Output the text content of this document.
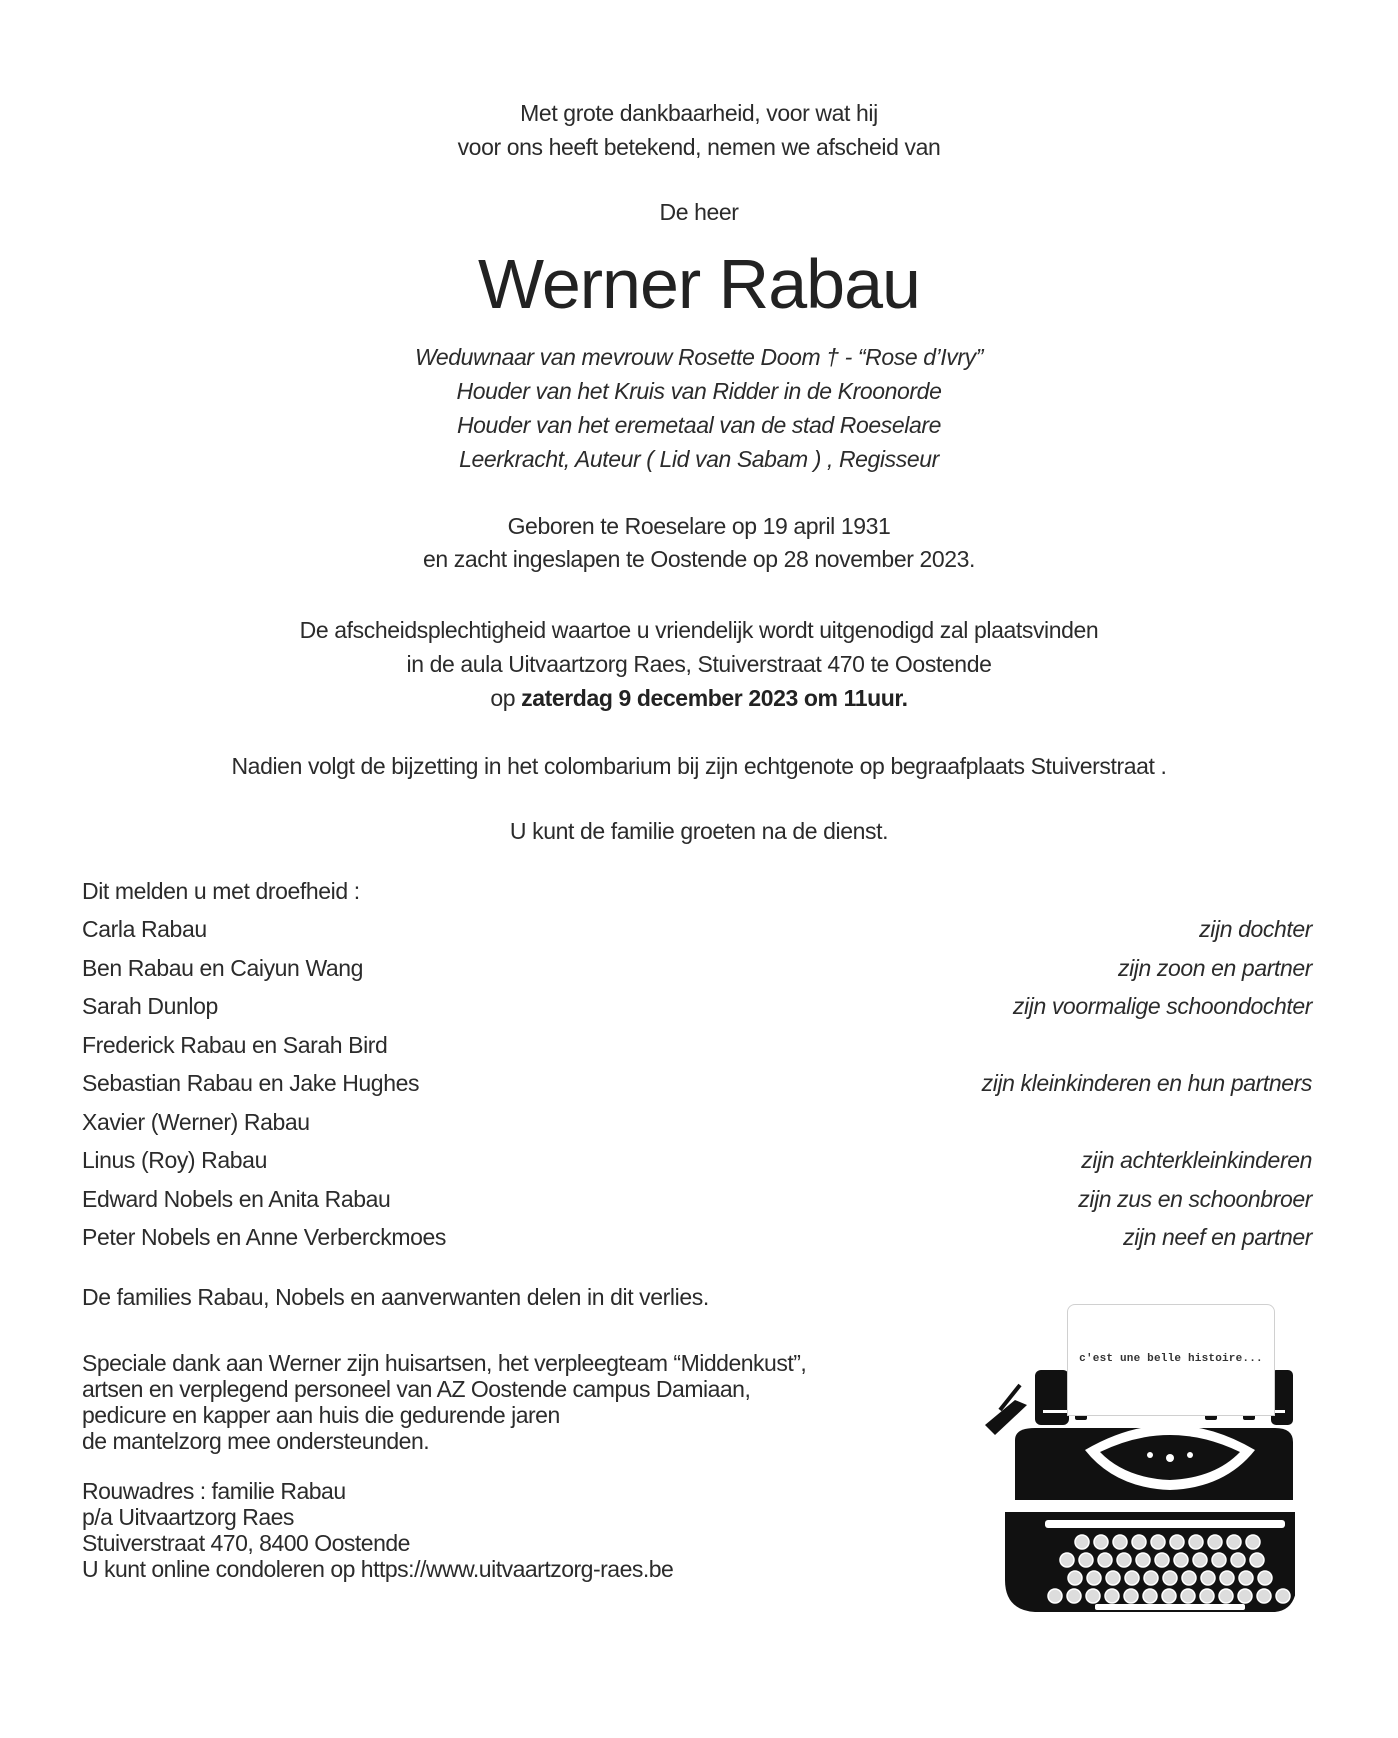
Met grote dankbaarheid, voor wat hij
voor ons heeft betekend, nemen we afscheid van
De heer
Werner Rabau
Weduwnaar van mevrouw Rosette Doom † - “Rose d’Ivry”
Houder van het Kruis van Ridder in de Kroonorde
Houder van het eremetaal van de stad Roeselare
Leerkracht, Auteur ( Lid van Sabam ) , Regisseur
Geboren te Roeselare op 19 april 1931
en zacht ingeslapen te Oostende op 28 november 2023.
De afscheidsplechtigheid waartoe u vriendelijk wordt uitgenodigd zal plaatsvinden
in de aula Uitvaartzorg Raes, Stuiverstraat 470 te Oostende
op zaterdag 9 december 2023 om 11uur.
Nadien volgt de bijzetting in het colombarium bij zijn echtgenote op begraafplaats Stuiverstraat .
U kunt de familie groeten na de dienst.
Dit melden u met droefheid :
Carla Rabau	zijn dochter
Ben Rabau en Caiyun Wang	zijn zoon en partner
Sarah Dunlop	zijn voormalige schoondochter
Frederick Rabau en Sarah Bird
Sebastian Rabau en Jake Hughes	zijn kleinkinderen en hun partners
Xavier (Werner) Rabau
Linus (Roy) Rabau	zijn achterkleinkinderen
Edward Nobels en Anita Rabau	zijn zus en schoonbroer
Peter Nobels en Anne Verberckmoes	zijn neef en partner
De families Rabau, Nobels en aanverwanten delen in dit verlies.
Speciale dank aan Werner zijn huisartsen, het verpleegteam “Middenkust”,
artsen en verplegend personeel van AZ Oostende campus Damiaan,
pedicure en kapper aan huis die gedurende jaren
de mantelzorg mee ondersteunden.
Rouwadres : familie Rabau
p/a Uitvaartzorg Raes
Stuiverstraat 470, 8400 Oostende
U kunt online condoleren op https://www.uitvaartzorg-raes.be
c'est une belle histoire...
